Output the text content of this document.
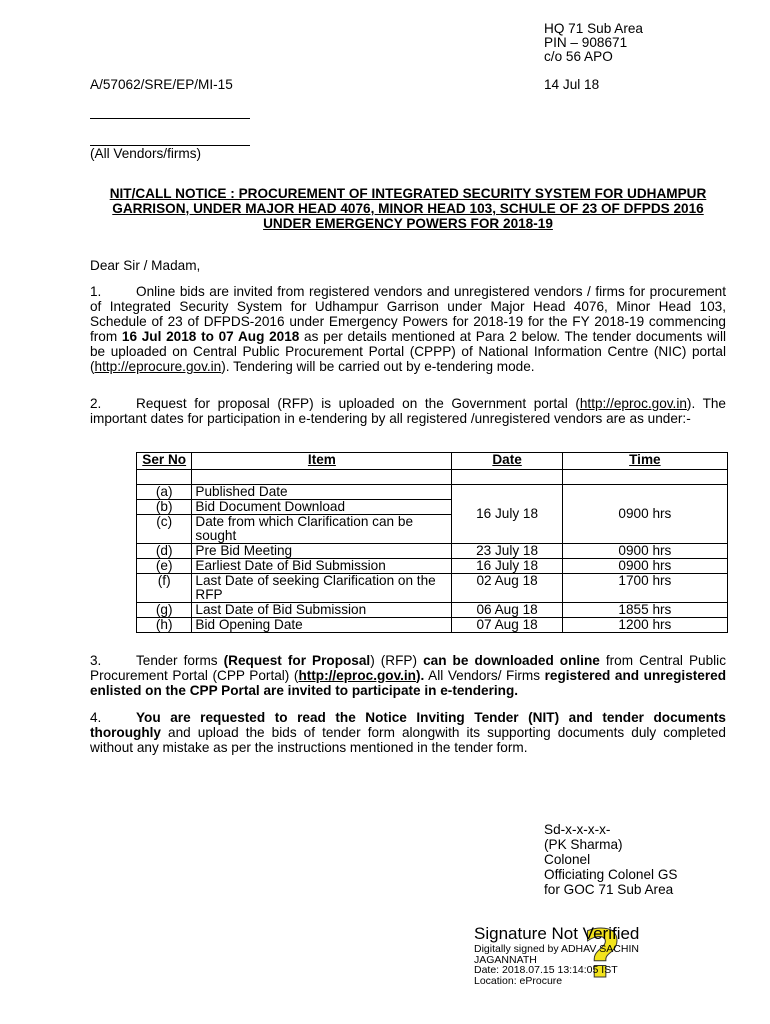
HQ 71 Sub Area
PIN – 908671
c/o 56 APO
A/57062/SRE/EP/MI-15	14 Jul 18
(All Vendors/firms)
NIT/CALL NOTICE : PROCUREMENT OF INTEGRATED SECURITY SYSTEM FOR UDHAMPUR GARRISON, UNDER MAJOR HEAD 4076, MINOR HEAD 103, SCHULE OF 23 OF DFPDS 2016 UNDER EMERGENCY POWERS FOR 2018-19
Dear Sir / Madam,
1.	Online bids are invited from registered vendors and unregistered vendors / firms for procurement of Integrated Security System for Udhampur Garrison under Major Head 4076, Minor Head 103, Schedule of 23 of DFPDS-2016 under Emergency Powers for 2018-19 for the FY 2018-19 commencing from 16 Jul 2018 to 07 Aug 2018 as per details mentioned at Para 2 below. The tender documents will be uploaded on Central Public Procurement Portal (CPPP) of National Information Centre (NIC) portal (http://eprocure.gov.in). Tendering will be carried out by e-tendering mode.
2.	Request for proposal (RFP) is uploaded on the Government portal (http://eproc.gov.in). The important dates for participation in e-tendering by all registered /unregistered vendors are as under:-
Ser No	Item	Date	Time

(a)	Published Date	16 July 18	0900 hrs
(b)	Bid Document Download		
(c)	Date from which Clarification can be sought		
(d)	Pre Bid Meeting	23 July 18	0900 hrs
(e)	Earliest Date of Bid Submission	16 July 18	0900 hrs
(f)	Last Date of seeking Clarification on the RFP	02 Aug 18	1700 hrs
(g)	Last Date of Bid Submission	06 Aug 18	1855 hrs
(h)	Bid Opening Date	07 Aug 18	1200 hrs
3.	Tender forms (Request for Proposal) (RFP) can be downloaded online from Central Public Procurement Portal (CPP Portal) (http://eproc.gov.in). All Vendors/ Firms registered and unregistered enlisted on the CPP Portal are invited to participate in e-tendering.
4.	You are requested to read the Notice Inviting Tender (NIT) and tender documents thoroughly and upload the bids of tender form alongwith its supporting documents duly completed without any mistake as per the instructions mentioned in the tender form.
Sd-x-x-x-x-
(PK Sharma)
Colonel
Officiating Colonel GS
for GOC 71 Sub Area
?
Signature Not Verified
Digitally signed by ADHAV SACHIN
JAGANNATH
Date: 2018.07.15 13:14:05 IST
Location: eProcure
